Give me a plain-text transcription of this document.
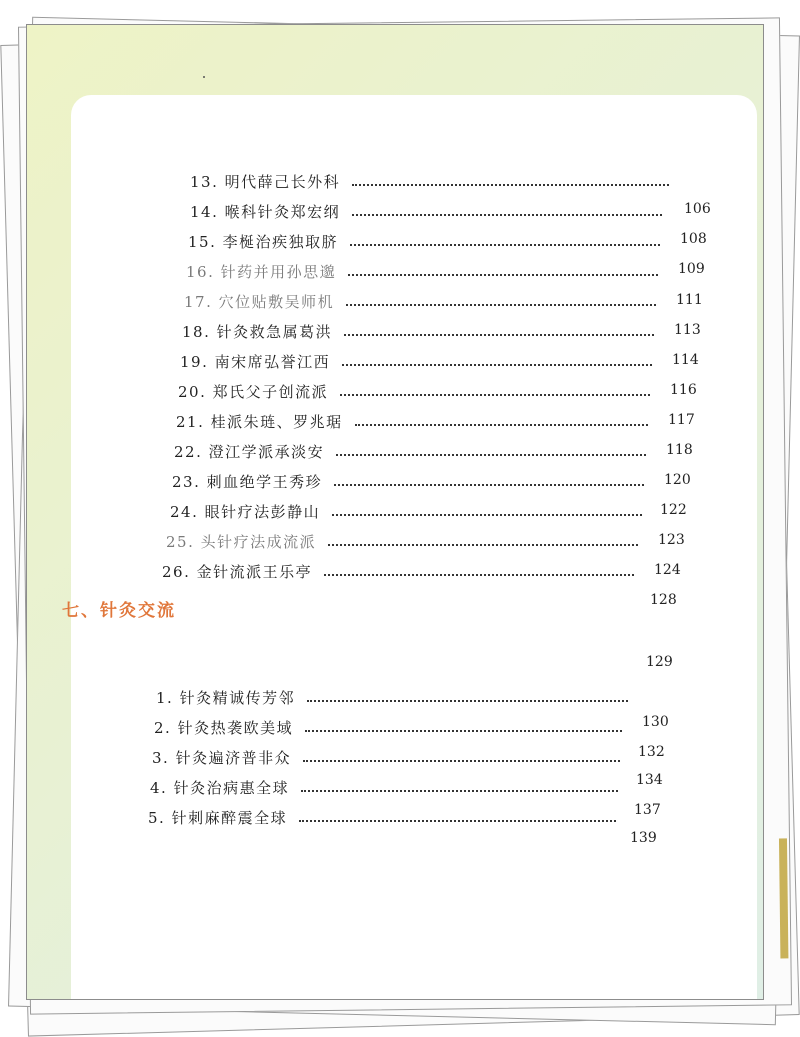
13. 明代薛己长外科
106
14. 喉科针灸郑宏纲
108
15. 李梴治疾独取脐
109
16. 针药并用孙思邈
111
17. 穴位贴敷吴师机
113
18. 针灸救急属葛洪
114
19. 南宋席弘誉江西
116
20. 郑氏父子创流派
117
21. 桂派朱琏、罗兆琚
118
22. 澄江学派承淡安
120
23. 刺血绝学王秀珍
122
24. 眼针疗法彭静山
123
25. 头针疗法成流派
124
26. 金针流派王乐亭
128
七、针灸交流
129
1. 针灸精诚传芳邻
130
2. 针灸热袭欧美域
132
3. 针灸遍济普非众
134
4. 针灸治病惠全球
137
5. 针刺麻醉震全球
139
